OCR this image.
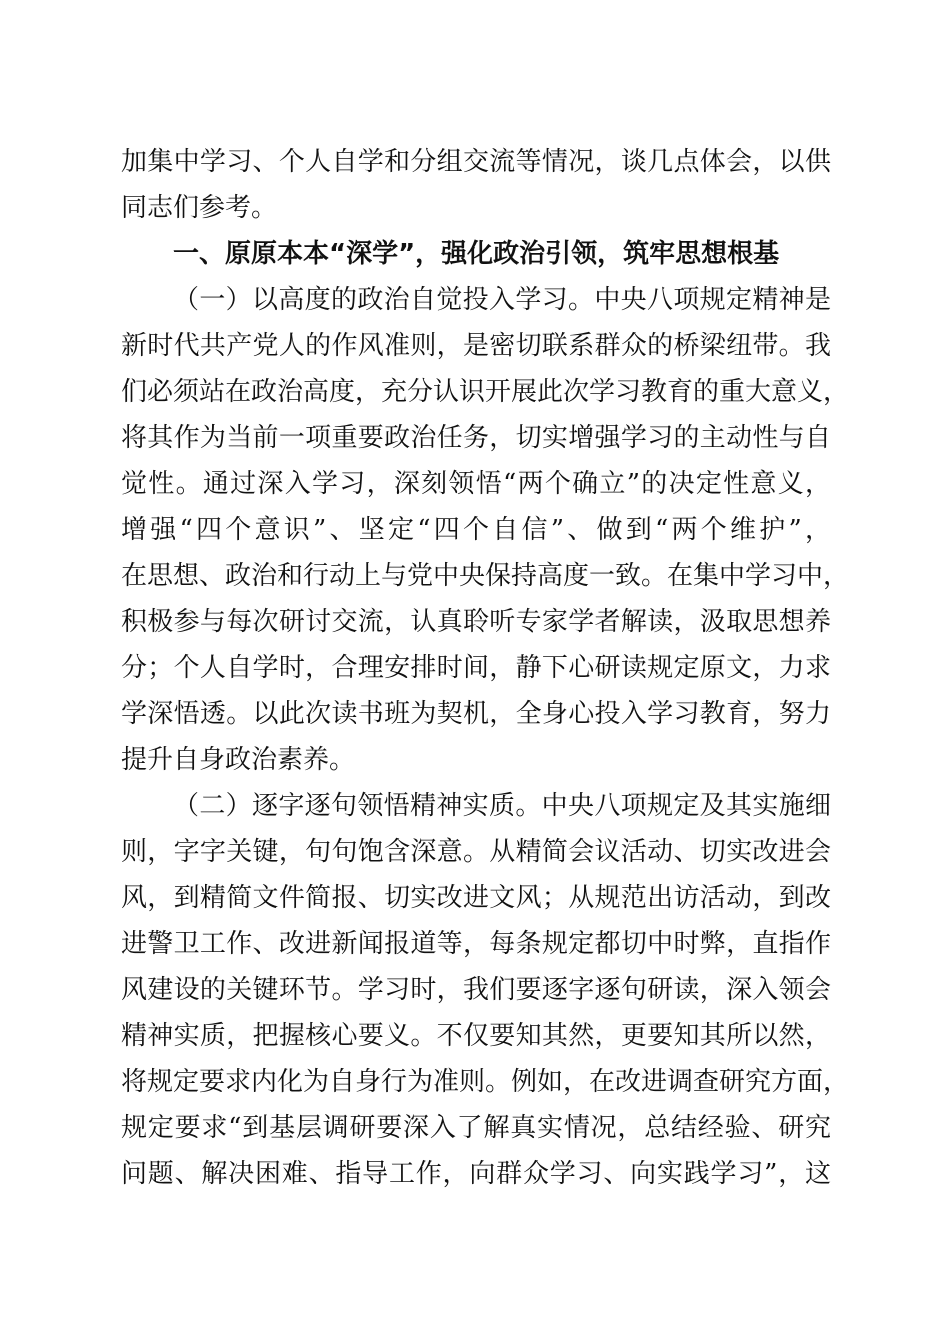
加集中学习、个人自学和分组交流等情况，谈几点体会，以供
同志们参考。
一、原原本本“深学”，强化政治引领，筑牢思想根基
（一）以高度的政治自觉投入学习。中央八项规定精神是
新时代共产党人的作风准则，是密切联系群众的桥梁纽带。我
们必须站在政治高度，充分认识开展此次学习教育的重大意义，
将其作为当前一项重要政治任务，切实增强学习的主动性与自
觉性。通过深入学习，深刻领悟“两个确立”的决定性意义，
增强“四个意识”、坚定“四个自信”、做到“两个维护”，
在思想、政治和行动上与党中央保持高度一致。在集中学习中，
积极参与每次研讨交流，认真聆听专家学者解读，汲取思想养
分；个人自学时，合理安排时间，静下心研读规定原文，力求
学深悟透。以此次读书班为契机，全身心投入学习教育，努力
提升自身政治素养。
（二）逐字逐句领悟精神实质。中央八项规定及其实施细
则，字字关键，句句饱含深意。从精简会议活动、切实改进会
风，到精简文件简报、切实改进文风；从规范出访活动，到改
进警卫工作、改进新闻报道等，每条规定都切中时弊，直指作
风建设的关键环节。学习时，我们要逐字逐句研读，深入领会
精神实质，把握核心要义。不仅要知其然，更要知其所以然，
将规定要求内化为自身行为准则。例如，在改进调查研究方面，
规定要求“到基层调研要深入了解真实情况，总结经验、研究
问题、解决困难、指导工作，向群众学习、向实践学习”，这
